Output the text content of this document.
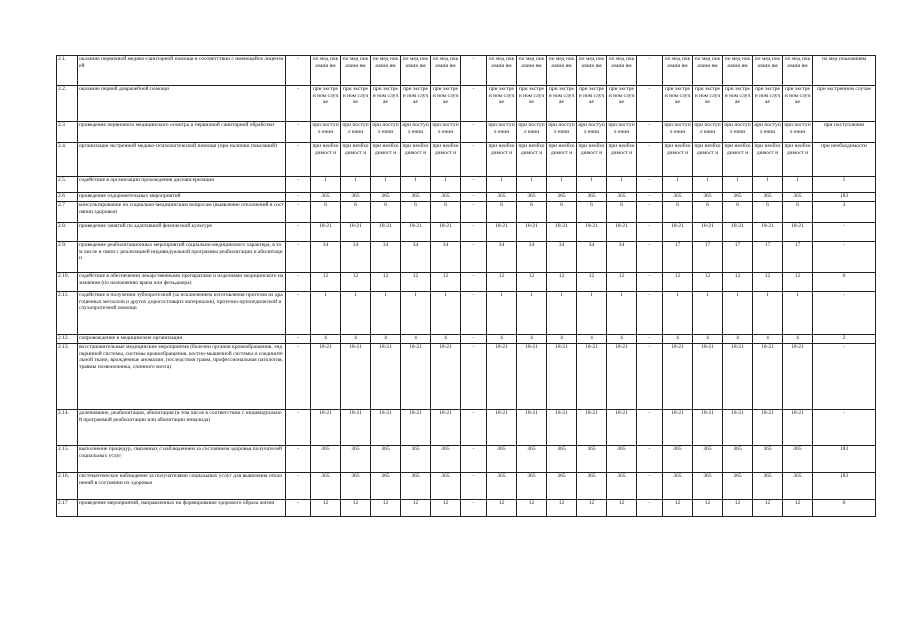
2.1.	оказание первичной медико-санитарной помощи в соответствии с имеющейся лицензией	-	по мед показани ям	по мед показани ям	по мед показани ям	по мед показани ям	по мед показани ям	-	по мед показани ям	по мед показани ям	по мед показани ям	по мед показани ям	по мед показани ям	-	по мед показани ям	по мед показани ям	по мед показани ям	по мед показани ям	по мед показани ям	по мед показаниям
2.2.	оказание первой доврачебной помощи	-	при экстрен ном случае	при экстрен ном случае	при экстрен ном случае	при экстрен ном случае	при экстрен ном случае	-	при экстрен ном случае	при экстрен ном случае	при экстрен ном случае	при экстрен ном случае	при экстрен ном случае	-	при экстрен ном случае	при экстрен ном случае	при экстрен ном случае	при экстрен ном случае	при экстрен ном случае	при экстренном случае
2.3	проведение первичного медицинского осмотра и первичной санитарной обработки	-	при поступл ении	при поступл ении	при поступл ении	при поступл ении	при поступл ении	-	при поступл ении	при поступл ении	при поступл ении	при поступл ении	при поступл ении	-	при поступл ении	при поступл ении	при поступл ении	при поступл ении	при поступл ении	при поступлении
2.4.	организация экстренной медико-психологической помощи (при наличии показаний)	-	при необхо димост и	при необхо димост и	при необхо димост и	при необхо димост и	при необхо димост и	-	при необхо димост и	при необхо димост и	при необхо димост и	при необхо димост и	при необхо димост и	-	при необхо димост и	при необхо димост и	при необхо димост и	при необхо димост и	при необхо димост и	при необходимости
2.5.	содействие в организации прохождения диспансеризации	-	1	1	1	1	1	-	1	1	1	1	1	-	1	1	1	1	1	1
2.6	проведение оздоровительных мероприятий	-	365	365	365	365	365	-	365	365	365	365	365	-	365	365	365	365	365	183
2.7	консультирование по социально-медицинским вопросам (выявление отклонений в состоянии здоровья)	-	6	6	6	6	6	-	6	6	6	6	6	-	6	6	6	6	6	3
2.8.	проведение занятий по адаптивной физической культуре	-	18-21	18-21	18-21	18-21	18-21	-	18-21	18-21	18-21	18-21	18-21	-	18-21	18-21	18-21	18-21	18-21	-
2.9.	проведение реабилитационных мероприятий социально-медицинского характера, в том числе в связи с реализацией индивидуальной программы реабилитации и абилитации	-	34	34	34	34	34	-	34	34	34	34	34	-	17	17	17	17	17	-
2.10.	содействие в обеспечении лекарственными препаратами и изделиями медицинского назначения (по назначению врача или фельдшера)	-	12	12	12	12	12	-	12	12	12	12	12	-	12	12	12	12	12	6
2.11.	содействие в получении зубопротезной (за исключением изготовления протезов из драгоценных металлов и других дорогостоящих материалов), протезно-ортопедической и слухопротезной помощи	-	1	1	1	1	1	-	1	1	1	1	1	-	1	1	1	1	1	-
2.12.	сопровождение в медицинские организации	-	4	4	4	4	4	-	4	4	4	4	4	-	4	4	4	4	4	2
2.13.	восстановительные медицинские мероприятия (болезни органов кровообращения, эндокринной системы, системы кровообращения, костно-мышечной системы и соединительной ткани, врожденные аномалии, последствия травм, профессиональная патология, травмы позвоночника, спинного мозга)	-	18-21	18-21	18-21	18-21	18-21	-	18-21	18-21	18-21	18-21	18-21	-	18-21	18-21	18-21	18-21	18-21	-
2.14.	долечивание, реабилитация, абилитация (в том числе в соответствии с индивидуальной программой реабилитации или абилитации инвалида)	-	18-21	18-21	18-21	18-21	18-21	-	18-21	18-21	18-21	18-21	18-21	-	18-21	18-21	18-21	18-21	18-21	-
2.15.	выполнение процедур, связанных с наблюдением за состоянием здоровья получателей социальных услуг	-	365	365	365	365	365	-	365	365	365	365	365	-	365	365	365	365	365	183
2.16.	систематическое наблюдение за получателями социальных услуг для выявления отклонений в состоянии их здоровья	-	365	365	365	365	365	-	365	365	365	365	365	-	365	365	365	365	365	183
2.17	проведение мероприятий, направленных на формирование здорового образа жизни	-	12	12	12	12	12	-	12	12	12	12	12	-	12	12	12	12	12	6
